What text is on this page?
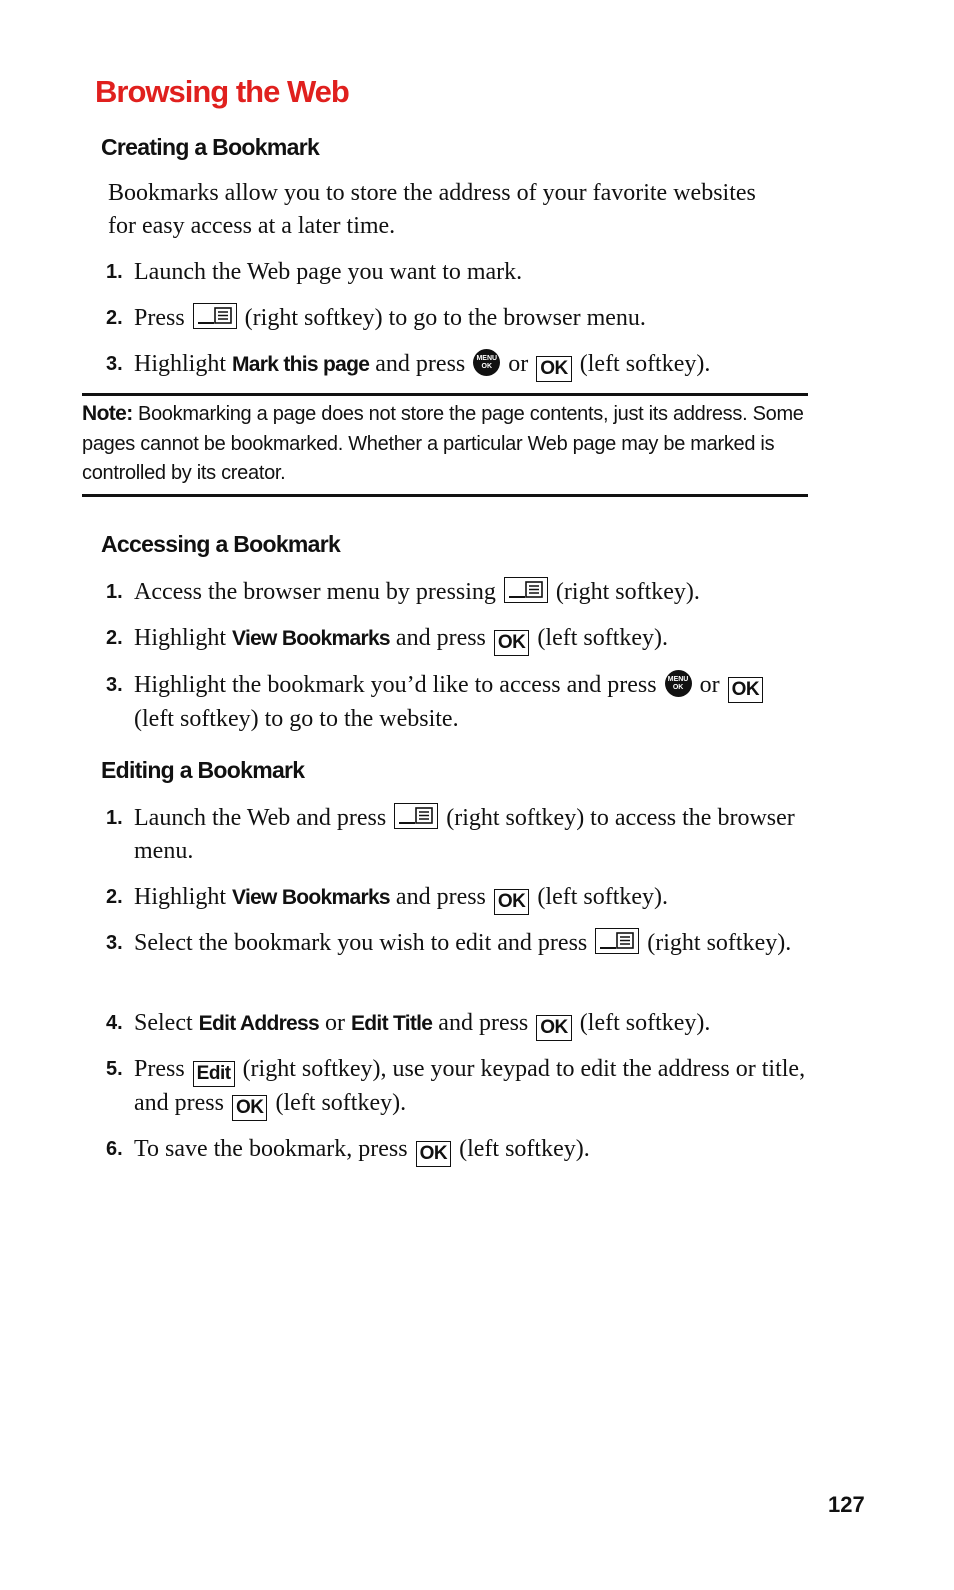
Browsing the Web
Creating a Bookmark

Bookmarks allow you to store the address of your favorite websites for easy access at a later time.

1. Launch the Web page you want to mark.
2. Press	(right softkey) to go to the browser menu.
3. Highlight Mark this page and press	MENU
OK or OK (left softkey).
Note: Bookmarking a page does not store the page contents, just its address. Some pages cannot be bookmarked. Whether a particular Web page may be marked is controlled by its creator.
Accessing a Bookmark
1. Access the browser menu by pressing	(right softkey).
2. Highlight View Bookmarks and press OK (left softkey).
3. Highlight the bookmark you’d like to access and press	MENU
OK or OK (left softkey) to go to the website.
Editing a Bookmark
1. Launch the Web and press	(right softkey) to access the browser menu.
2. Highlight View Bookmarks and press OK (left softkey).
3. Select the bookmark you wish to edit and press	(right softkey).
4. Select Edit Address or Edit Title and press OK (left softkey).
5. Press Edit (right softkey), use your keypad to edit the address or title, and press OK (left softkey).
6. To save the bookmark, press OK (left softkey).
127
